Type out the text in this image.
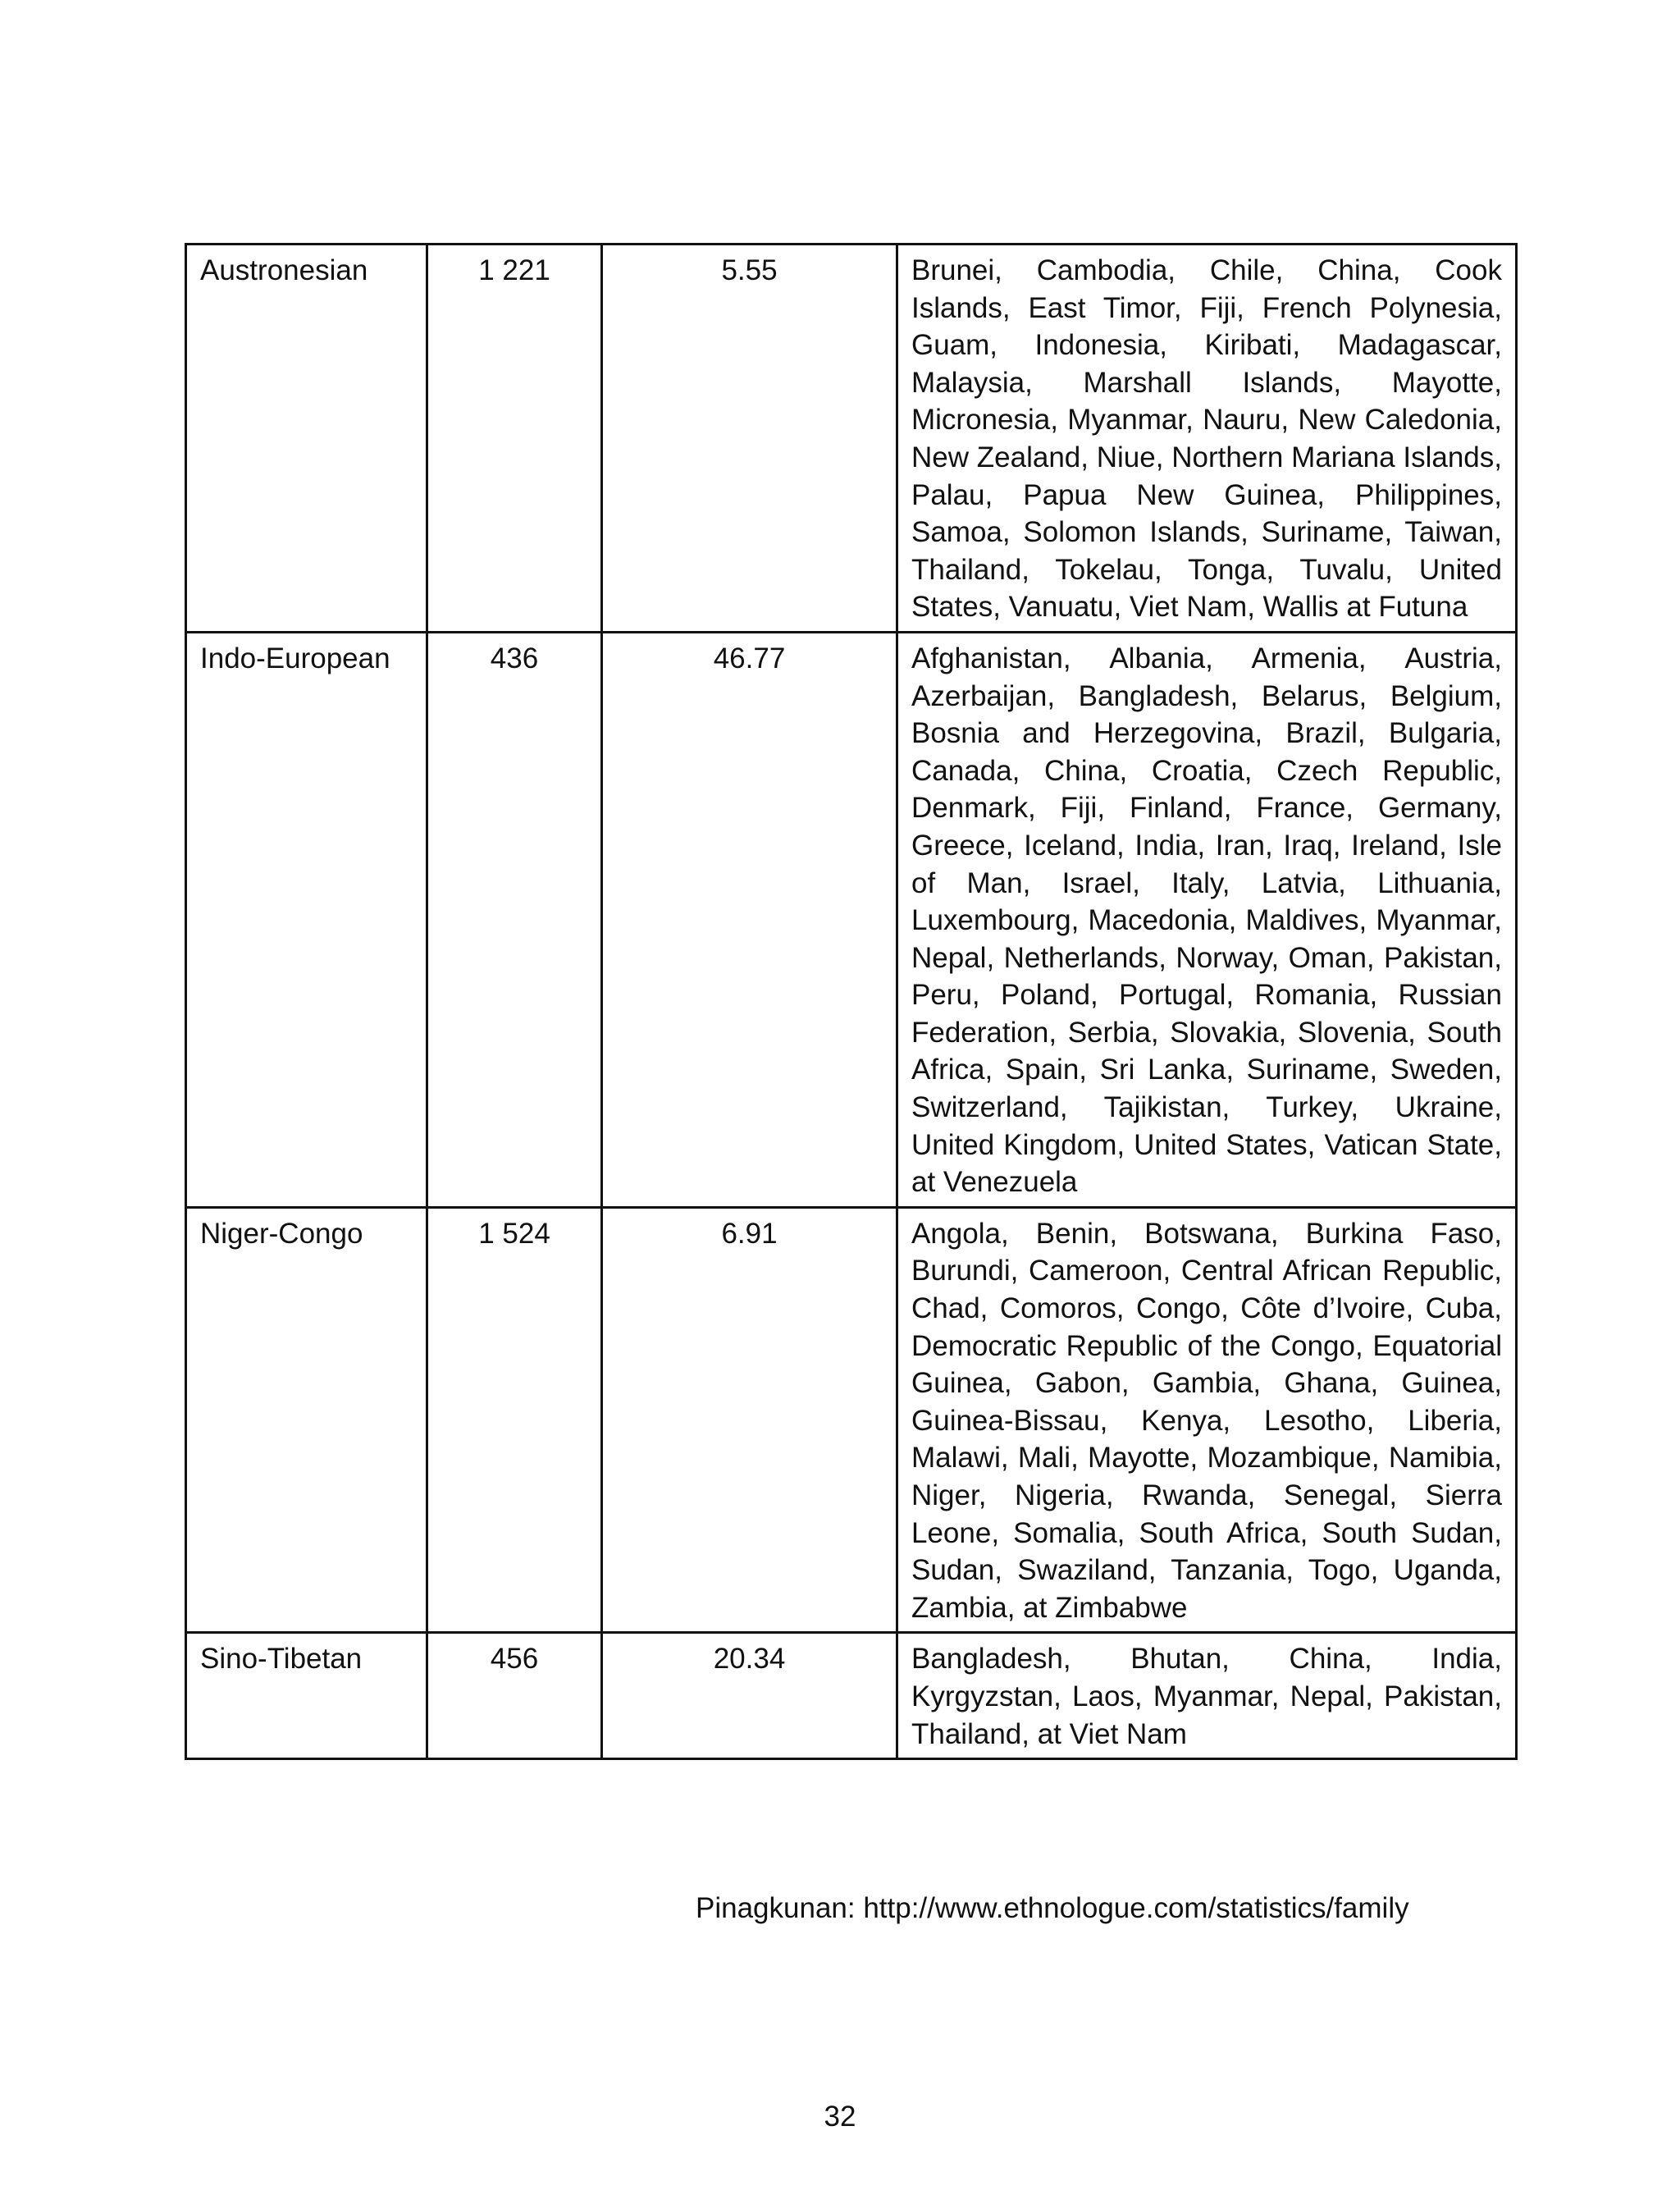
Austronesian	1 221	5.55	Brunei, Cambodia, Chile, China, Cook Islands, East Timor, Fiji, French Polynesia, Guam, Indonesia, Kiribati, Madagascar, Malaysia, Marshall Islands, Mayotte, Micronesia, Myanmar, Nauru, New Caledonia, New Zealand, Niue, Northern Mariana Islands, Palau, Papua New Guinea, Philippines, Samoa, Solomon Islands, Suriname, Taiwan, Thailand, Tokelau, Tonga, Tuvalu, United States, Vanuatu, Viet Nam, Wallis at Futuna
Indo-European	436	46.77	Afghanistan, Albania, Armenia, Austria, Azerbaijan, Bangladesh, Belarus, Belgium, Bosnia and Herzegovina, Brazil, Bulgaria, Canada, China, Croatia, Czech Republic, Denmark, Fiji, Finland, France, Germany, Greece, Iceland, India, Iran, Iraq, Ireland, Isle of Man, Israel, Italy, Latvia, Lithuania, Luxembourg, Macedonia, Maldives, Myanmar, Nepal, Netherlands, Norway, Oman, Pakistan, Peru, Poland, Portugal, Romania, Russian Federation, Serbia, Slovakia, Slovenia, South Africa, Spain, Sri Lanka, Suriname, Sweden, Switzerland, Tajikistan, Turkey, Ukraine, United Kingdom, United States, Vatican State, at Venezuela
Niger-Congo	1 524	6.91	Angola, Benin, Botswana, Burkina Faso, Burundi, Cameroon, Central African Republic, Chad, Comoros, Congo, Côte d’Ivoire, Cuba, Democratic Republic of the Congo, Equatorial Guinea, Gabon, Gambia, Ghana, Guinea, Guinea-Bissau, Kenya, Lesotho, Liberia, Malawi, Mali, Mayotte, Mozambique, Namibia, Niger, Nigeria, Rwanda, Senegal, Sierra Leone, Somalia, South Africa, South Sudan, Sudan, Swaziland, Tanzania, Togo, Uganda, Zambia, at Zimbabwe
Sino-Tibetan	456	20.34	Bangladesh, Bhutan, China, India, Kyrgyzstan, Laos, Myanmar, Nepal, Pakistan, Thailand, at Viet Nam
Pinagkunan: http://www.ethnologue.com/statistics/family
32
